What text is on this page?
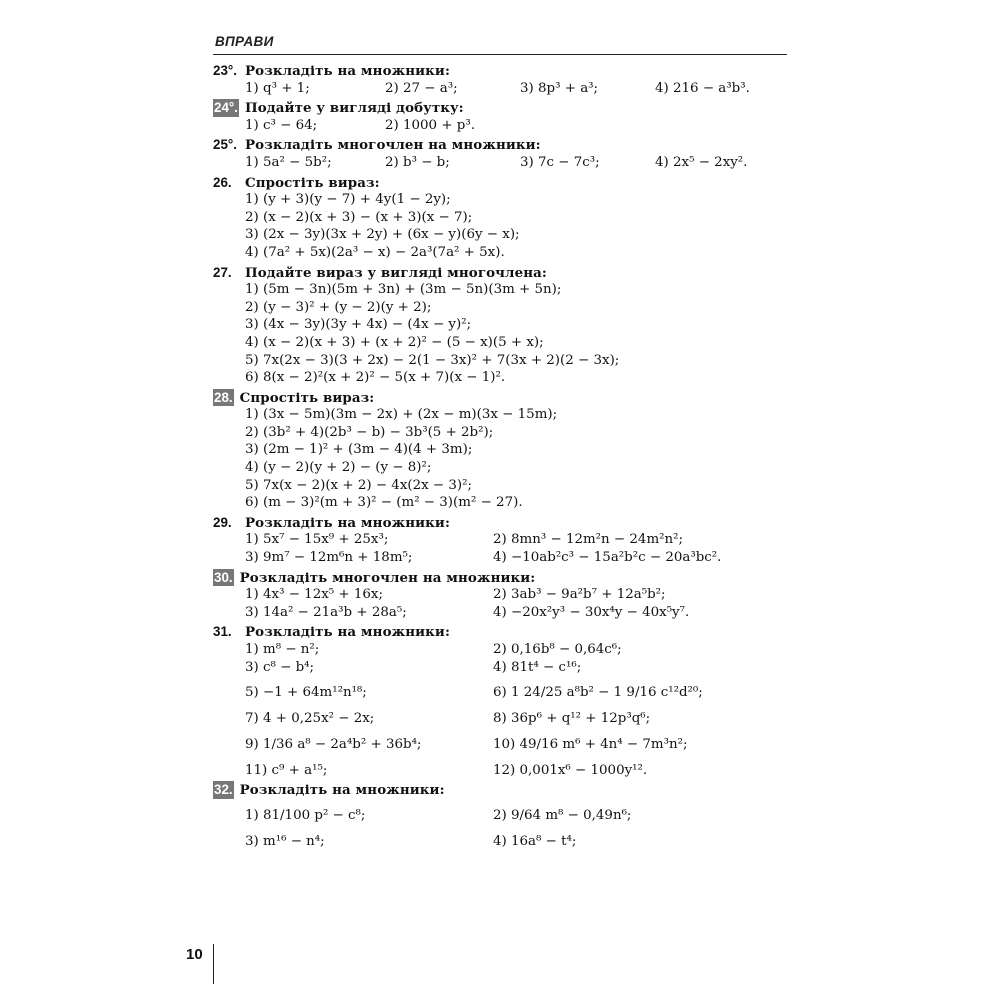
ВПРАВИ
23°. Розкладіть на множники:
1) q³ + 1;	2) 27 − a³;	3) 8p³ + a³;	4) 216 − a³b³.
24°. Подайте у вигляді добутку:
1) c³ − 64;	2) 1000 + p³.
25°. Розкладіть многочлен на множники:
1) 5a² − 5b²;	2) b³ − b;	3) 7c − 7c³;	4) 2x⁵ − 2xy².
26. Спростіть вираз:
1) (y + 3)(y − 7) + 4y(1 − 2y);
2) (x − 2)(x + 3) − (x + 3)(x − 7);
3) (2x − 3y)(3x + 2y) + (6x − y)(6y − x);
4) (7a² + 5x)(2a³ − x) − 2a³(7a² + 5x).
27. Подайте вираз у вигляді многочлена:
1) (5m − 3n)(5m + 3n) + (3m − 5n)(3m + 5n);
2) (y − 3)² + (y − 2)(y + 2);
3) (4x − 3y)(3y + 4x) − (4x − y)²;
4) (x − 2)(x + 3) + (x + 2)² − (5 − x)(5 + x);
5) 7x(2x − 3)(3 + 2x) − 2(1 − 3x)² + 7(3x + 2)(2 − 3x);
6) 8(x − 2)²(x + 2)² − 5(x + 7)(x − 1)².
28. Спростіть вираз:
1) (3x − 5m)(3m − 2x) + (2x − m)(3x − 15m);
2) (3b² + 4)(2b³ − b) − 3b³(5 + 2b²);
3) (2m − 1)² + (3m − 4)(4 + 3m);
4) (y − 2)(y + 2) − (y − 8)²;
5) 7x(x − 2)(x + 2) − 4x(2x − 3)²;
6) (m − 3)²(m + 3)² − (m² − 3)(m² − 27).
29. Розкладіть на множники:
1) 5x⁷ − 15x⁹ + 25x³;	2) 8mn³ − 12m²n − 24m²n²;
3) 9m⁷ − 12m⁶n + 18m⁵;	4) −10ab²c³ − 15a²b²c − 20a³bc².
30. Розкладіть многочлен на множники:
1) 4x³ − 12x⁵ + 16x;	2) 3ab³ − 9a²b⁷ + 12a⁵b²;
3) 14a² − 21a³b + 28a⁵;	4) −20x²y³ − 30x⁴y − 40x⁵y⁷.
31. Розкладіть на множники:
1) m⁸ − n²;	2) 0,16b⁸ − 0,64c⁶;
3) c⁸ − b⁴;	4) 81t⁴ − c¹⁶;
5) −1 + 64m¹²n¹⁸;	6) 1 24/25 a⁸b² − 1 9/16 c¹²d²⁰;
7) 4 + 0,25x² − 2x;	8) 36p⁶ + q¹² + 12p³q⁶;
9) 1/36 a⁸ − 2a⁴b² + 36b⁴;	10) 49/16 m⁶ + 4n⁴ − 7m³n²;
11) c⁹ + a¹⁵;	12) 0,001x⁶ − 1000y¹².
32. Розкладіть на множники:
1) 81/100 p² − c⁸;	2) 9/64 m⁸ − 0,49n⁶;
3) m¹⁶ − n⁴;	4) 16a⁸ − t⁴;
10
